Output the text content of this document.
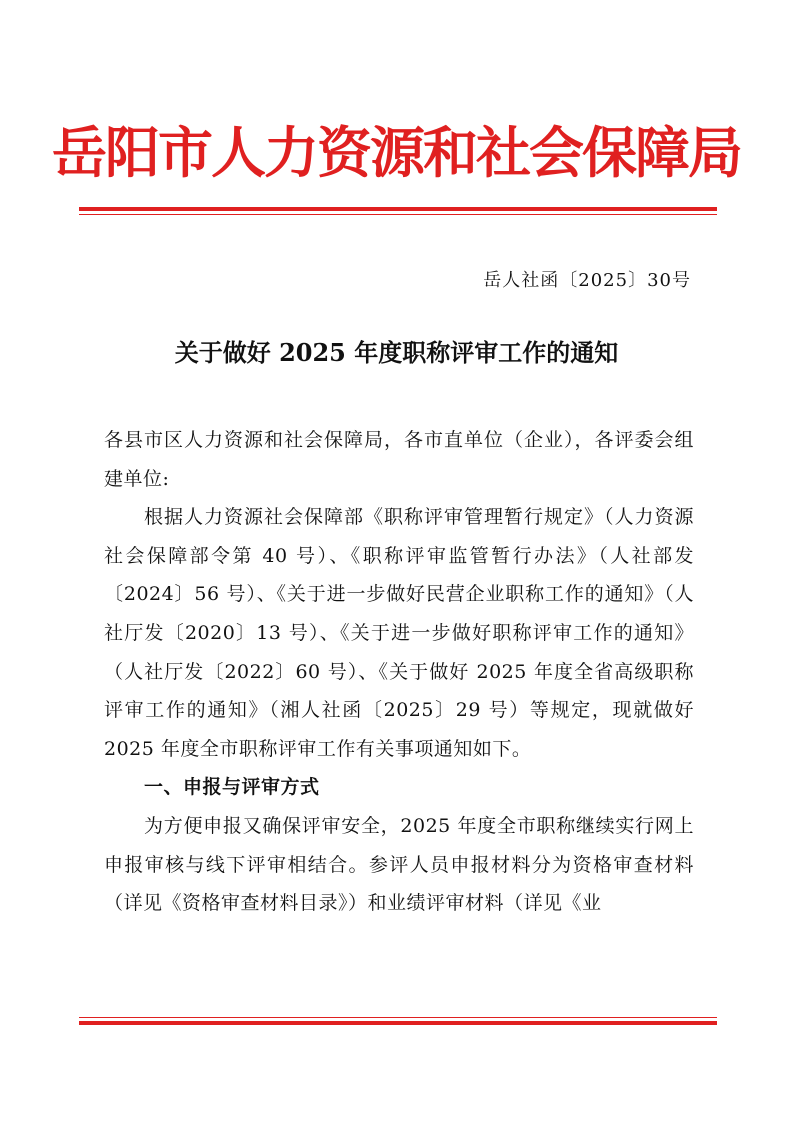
岳阳市人力资源和社会保障局
岳人社函〔2025〕30号
关于做好 2025 年度职称评审工作的通知

各县市区人力资源和社会保障局，各市直单位（企业），各评委会组建单位:

根据人力资源社会保障部《职称评审管理暂行规定》（人力资源社会保障部令第 40 号）、《职称评审监管暂行办法》（人社部发〔2024〕56 号）、《关于进一步做好民营企业职称工作的通知》（人社厅发〔2020〕13 号）、《关于进一步做好职称评审工作的通知》（人社厅发〔2022〕60 号）、《关于做好 2025 年度全省高级职称评审工作的通知》（湘人社函〔2025〕29 号）等规定，现就做好 2025 年度全市职称评审工作有关事项通知如下。

一、申报与评审方式

为方便申报又确保评审安全，2025 年度全市职称继续实行网上申报审核与线下评审相结合。参评人员申报材料分为资格审查材料（详见《资格审查材料目录》）和业绩评审材料（详见《业
